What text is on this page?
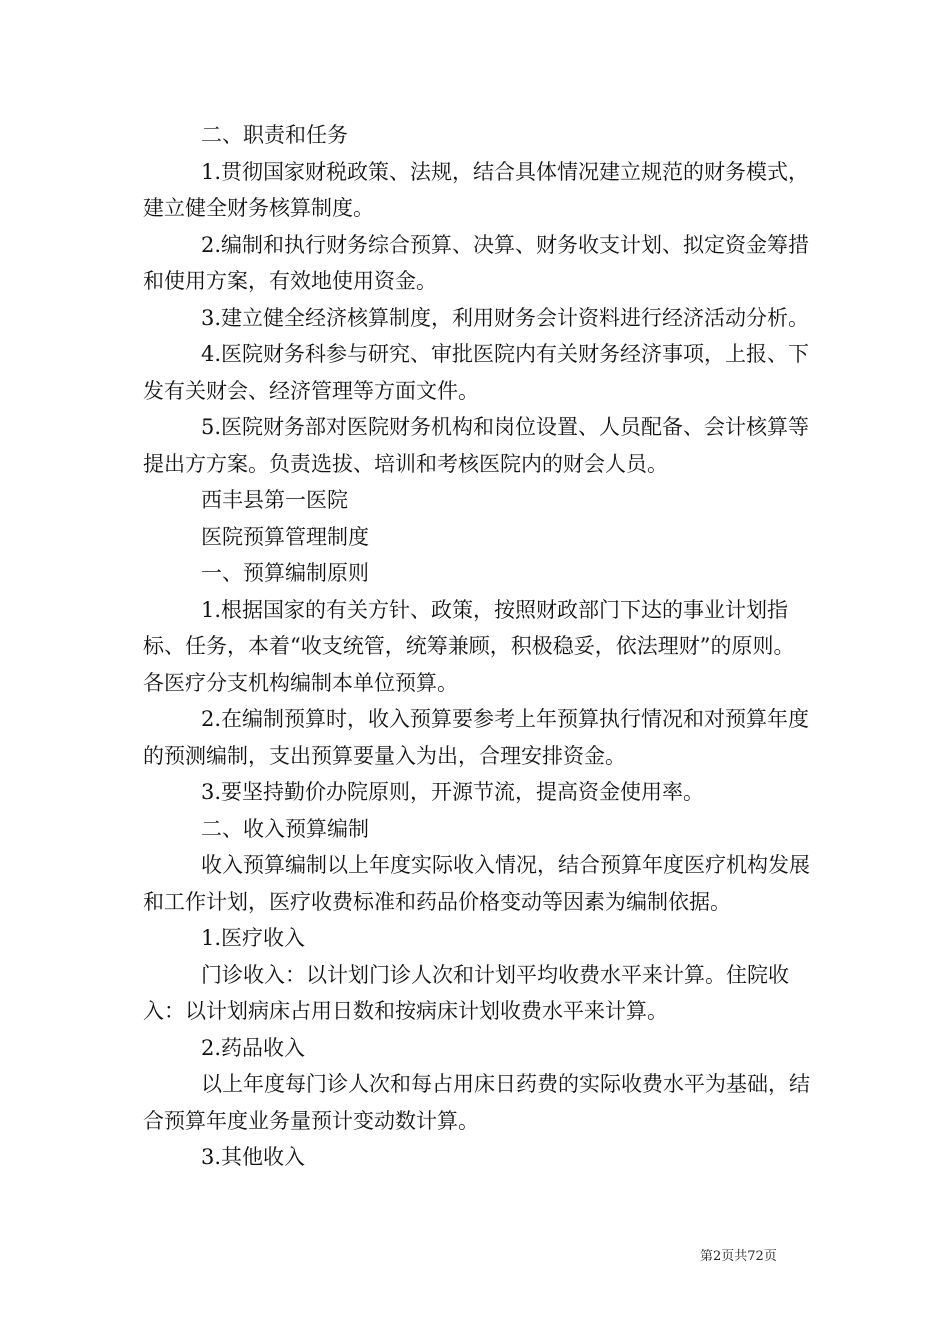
二、职责和任务

1.贯彻国家财税政策、法规，结合具体情况建立规范的财务模式，建立健全财务核算制度。

2.编制和执行财务综合预算、决算、财务收支计划、拟定资金筹措和使用方案，有效地使用资金。

3.建立健全经济核算制度，利用财务会计资料进行经济活动分析。

4.医院财务科参与研究、审批医院内有关财务经济事项，上报、下发有关财会、经济管理等方面文件。

5.医院财务部对医院财务机构和岗位设置、人员配备、会计核算等提出方方案。负责选拔、培训和考核医院内的财会人员。

西丰县第一医院

医院预算管理制度

一、预算编制原则

1.根据国家的有关方针、政策，按照财政部门下达的事业计划指标、任务，本着“收支统管，统筹兼顾，积极稳妥，依法理财”的原则。各医疗分支机构编制本单位预算。

2.在编制预算时，收入预算要参考上年预算执行情况和对预算年度的预测编制，支出预算要量入为出，合理安排资金。

3.要坚持勤价办院原则，开源节流，提高资金使用率。

二、收入预算编制

收入预算编制以上年度实际收入情况，结合预算年度医疗机构发展和工作计划，医疗收费标准和药品价格变动等因素为编制依据。

1.医疗收入

门诊收入：以计划门诊人次和计划平均收费水平来计算。住院收入：以计划病床占用日数和按病床计划收费水平来计算。

2.药品收入

以上年度每门诊人次和每占用床日药费的实际收费水平为基础，结合预算年度业务量预计变动数计算。

3.其他收入

第2页共72页
